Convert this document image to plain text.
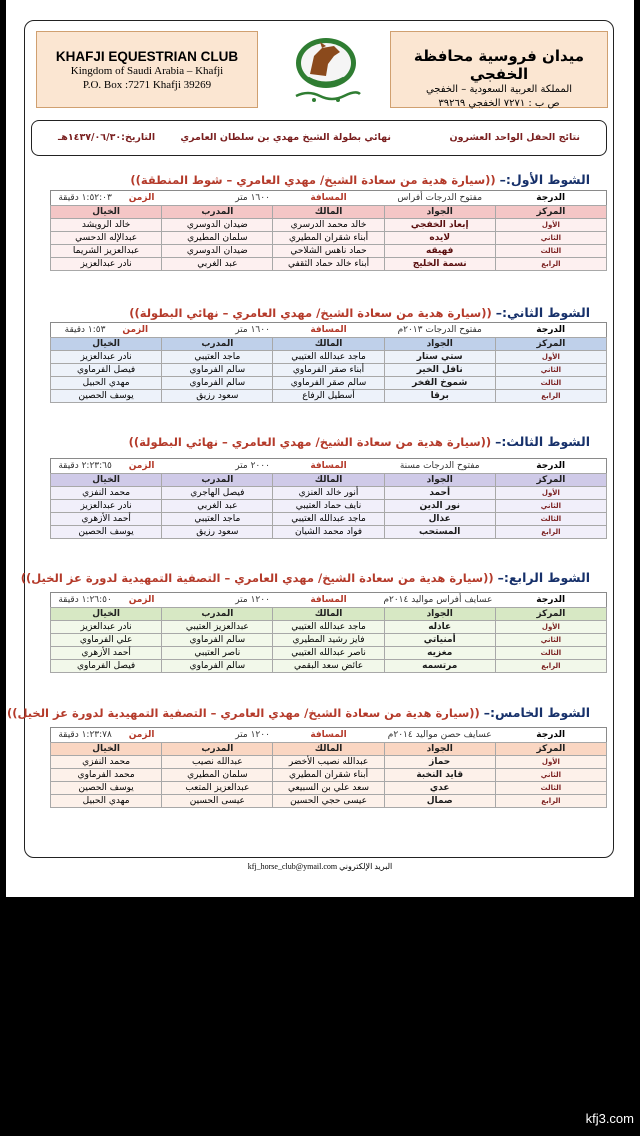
KHAFJI EQUESTRIAN CLUB
Kingdom of Saudi Arabia – Khafji
P.O. Box :7271 Khafji 39269
ميدان فروسية محافظة الخفجي
المملكة العربية السعودية – الخفجي
ص ب : ٧٢٧١ الخفجي ٣٩٢٦٩
نتائج الحفل الواحد العشرون
نهائي بطولة الشيخ مهدي بن سلطان العامري
التاريخ:١٤٣٧/٠٦/٣٠هـ
الشوط الأول:– ((سيارة هدية من سعادة الشيخ/ مهدي العامري – شوط المنطقة))
الدرجة	مفتوح الدرجات أفراس	المسافة	١٦٠٠ متر	الزمن ١:٥٢:٠٣ دقيقة
المركز	الجواد	المالك	المدرب	الخيال
الأول	إبعاد الخفجي	خالد محمد الدرسري	ضيدان الدوسري	خالد الرويشد
الثاني	لايده	أبناء شقران المطيري	سلمان المطيري	عبدالإله الدحسي
الثالث	فهيقه	حماد ناهس الشلاحي	ضيدان الدوسري	عبدالعزيز الشريما
الرابع	نسمة الخليج	أبناء خالد حماد الثقفي	عبد الغربي	نادر عبدالعزيز
الشوط الثاني:– ((سيارة هدية من سعادة الشيخ/ مهدي العامري – نهائي البطولة))
الدرجة	مفتوح الدرجات ٢٠١٣م	المسافة	١٦٠٠ متر	الزمن ١:٥٣ دقيقة
المركز	الجواد	المالك	المدرب	الخيال
الأول	ستي ستار	ماجد عبدالله العتيبي	ماجد العتيبي	نادر عبدالعزيز
الثاني	نافل الخير	أبناء صقر الفرماوي	سالم الفرماوي	فيصل الفرماوي
الثالث	شموخ الفخر	سالم صقر الفرماوي	سالم الفرماوي	مهدي الحبيل
الرابع	برقا	أسطيل الرفاع	سعود رزيق	يوسف الحصين
الشوط الثالث:– ((سيارة هدية من سعادة الشيخ/ مهدي العامري – نهائي البطولة))
الدرجة	مفتوح الدرجات مسنة	المسافة	٢٠٠٠ متر	الزمن ٢:٢٣:٦٥ دقيقة
المركز	الجواد	المالك	المدرب	الخيال
الأول	أحمد	أنور خالد العنزي	فيصل الهاجري	محمد النفزي
الثاني	نور الدين	نايف حماد العتيبي	عبد الغربي	نادر عبدالعزيز
الثالث	عذال	ماجد عبدالله العتيبي	ماجد العتيبي	أحمد الأزهري
الرابع	المستحب	فواد محمد الشيان	سعود رزيق	يوسف الحصين
الشوط الرابع:– ((سيارة هدية من سعادة الشيخ/ مهدي العامري – التصفية التمهيدية لدورة عز الخيل))
الدرجة	عسايف أفراس مواليد ٢٠١٤م	المسافة	١٢٠٠ متر	الزمن ١:٢٦:٥٠ دقيقة
المركز	الجواد	المالك	المدرب	الخيال
الأول	عاذله	ماجد عبدالله العتيبي	عبدالعزيز العتيبي	نادر عبدالعزيز
الثاني	أمنياتي	فايز رشيد المطيري	سالم الفرماوي	علي الفرماوي
الثالث	مغزيه	ناصر عبدالله العتيبي	ناصر العتيبي	أحمد الأزهري
الرابع	مرتسمه	عائض سعد البقمي	سالم الفرماوي	فيصل الفرماوي
الشوط الخامس:– ((سيارة هدية من سعادة الشيخ/ مهدي العامري – التصفية التمهيدية لدورة عز الخيل))
الدرجة	عسايف حصن مواليد ٢٠١٤م	المسافة	١٢٠٠ متر	الزمن ١:٢٣:٧٨ دقيقة
المركز	الجواد	المالك	المدرب	الخيال
الأول	حماز	عبدالله نصيب الأخضر	عبدالله نصيب	محمد النفزي
الثاني	قايد النخبة	أبناء شقران المطيري	سلمان المطيري	محمد الفرماوي
الثالث	عدي	سعد علي بن السبيعي	عبدالعزيز المتعب	يوسف الحصين
الرابع	صمال	عيسى حجي الحسين	عيسى الحسين	مهدي الحبيل
kfj_horse_club@ymail.com البريد الإلكتروني
kfj3.com
